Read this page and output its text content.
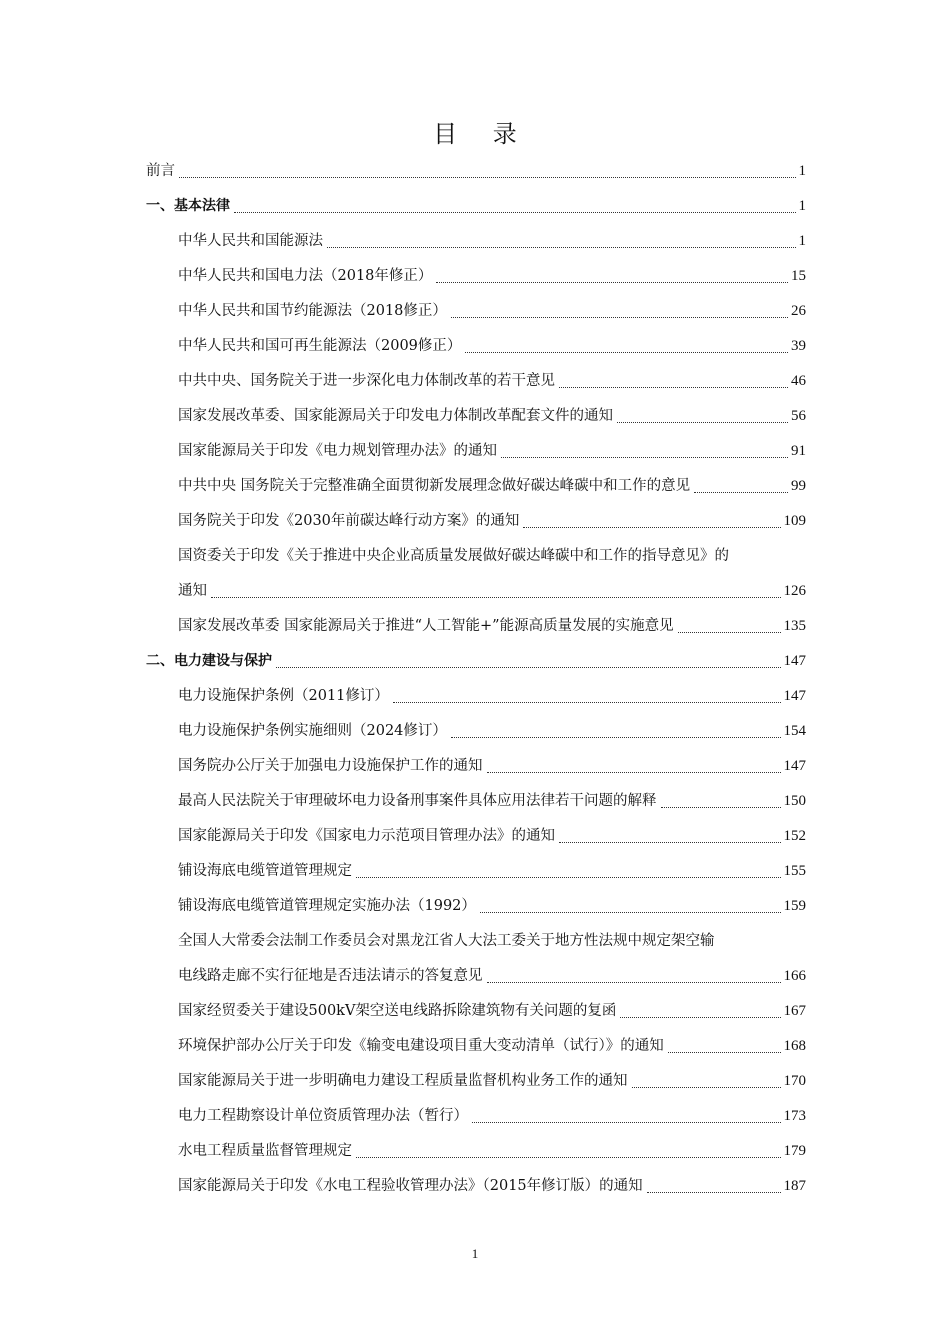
目 录
前言	1
一、基本法律	1
中华人民共和国能源法	1
中华人民共和国电力法（2018年修正）	15
中华人民共和国节约能源法（2018修正）	26
中华人民共和国可再生能源法（2009修正）	39
中共中央、国务院关于进一步深化电力体制改革的若干意见	46
国家发展改革委、国家能源局关于印发电力体制改革配套文件的通知	56
国家能源局关于印发《电力规划管理办法》的通知	91
中共中央 国务院关于完整准确全面贯彻新发展理念做好碳达峰碳中和工作的意见	99
国务院关于印发《2030年前碳达峰行动方案》的通知	109
国资委关于印发《关于推进中央企业高质量发展做好碳达峰碳中和工作的指导意见》的
通知	126
国家发展改革委 国家能源局关于推进“人工智能+”能源高质量发展的实施意见	135
二、电力建设与保护	147
电力设施保护条例（2011修订）	147
电力设施保护条例实施细则（2024修订）	154
国务院办公厅关于加强电力设施保护工作的通知	147
最高人民法院关于审理破坏电力设备刑事案件具体应用法律若干问题的解释	150
国家能源局关于印发《国家电力示范项目管理办法》的通知	152
铺设海底电缆管道管理规定	155
铺设海底电缆管道管理规定实施办法（1992）	159
全国人大常委会法制工作委员会对黑龙江省人大法工委关于地方性法规中规定架空输
电线路走廊不实行征地是否违法请示的答复意见	166
国家经贸委关于建设500kV架空送电线路拆除建筑物有关问题的复函	167
环境保护部办公厅关于印发《输变电建设项目重大变动清单（试行）》的通知	168
国家能源局关于进一步明确电力建设工程质量监督机构业务工作的通知	170
电力工程勘察设计单位资质管理办法（暂行）	173
水电工程质量监督管理规定	179
国家能源局关于印发《水电工程验收管理办法》（2015年修订版）的通知	187
1
